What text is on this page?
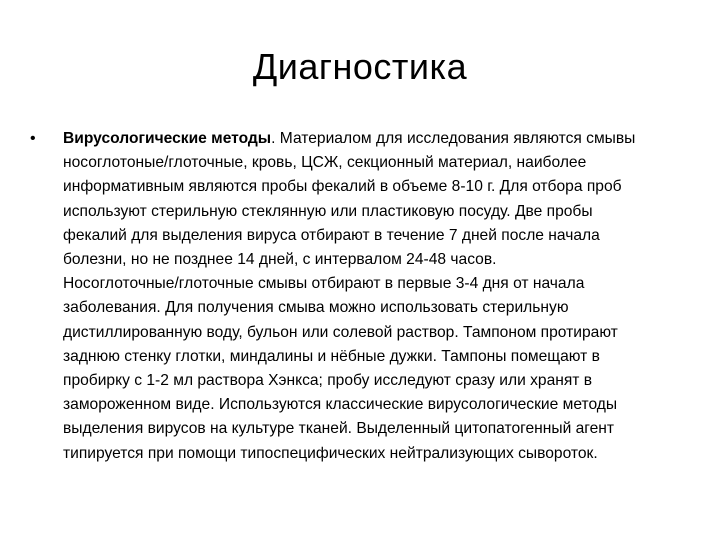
Диагностика
•	Вирусологические методы. Материалом для исследования являются смывы
носоглотоные/глоточные, кровь, ЦСЖ, секционный материал, наиболее
информативным являются пробы фекалий в объеме 8-10 г. Для отбора проб
используют стерильную стеклянную или пластиковую посуду. Две пробы
фекалий для выделения вируса отбирают в течение 7 дней после начала
болезни, но не позднее 14 дней, с интервалом 24-48 часов.
Носоглоточные/глоточные смывы отбирают в первые 3-4 дня от начала
заболевания. Для получения смыва можно использовать стерильную
дистиллированную воду, бульон или солевой раствор. Тампоном протирают
заднюю стенку глотки, миндалины и нёбные дужки. Тампоны помещают в
пробирку с 1-2 мл раствора Хэнкса; пробу исследуют сразу или хранят в
замороженном виде. Используются классические вирусологические методы
выделения вирусов на культуре тканей. Выделенный цитопатогенный агент
типируется при помощи типоспецифических нейтрализующих сывороток.
